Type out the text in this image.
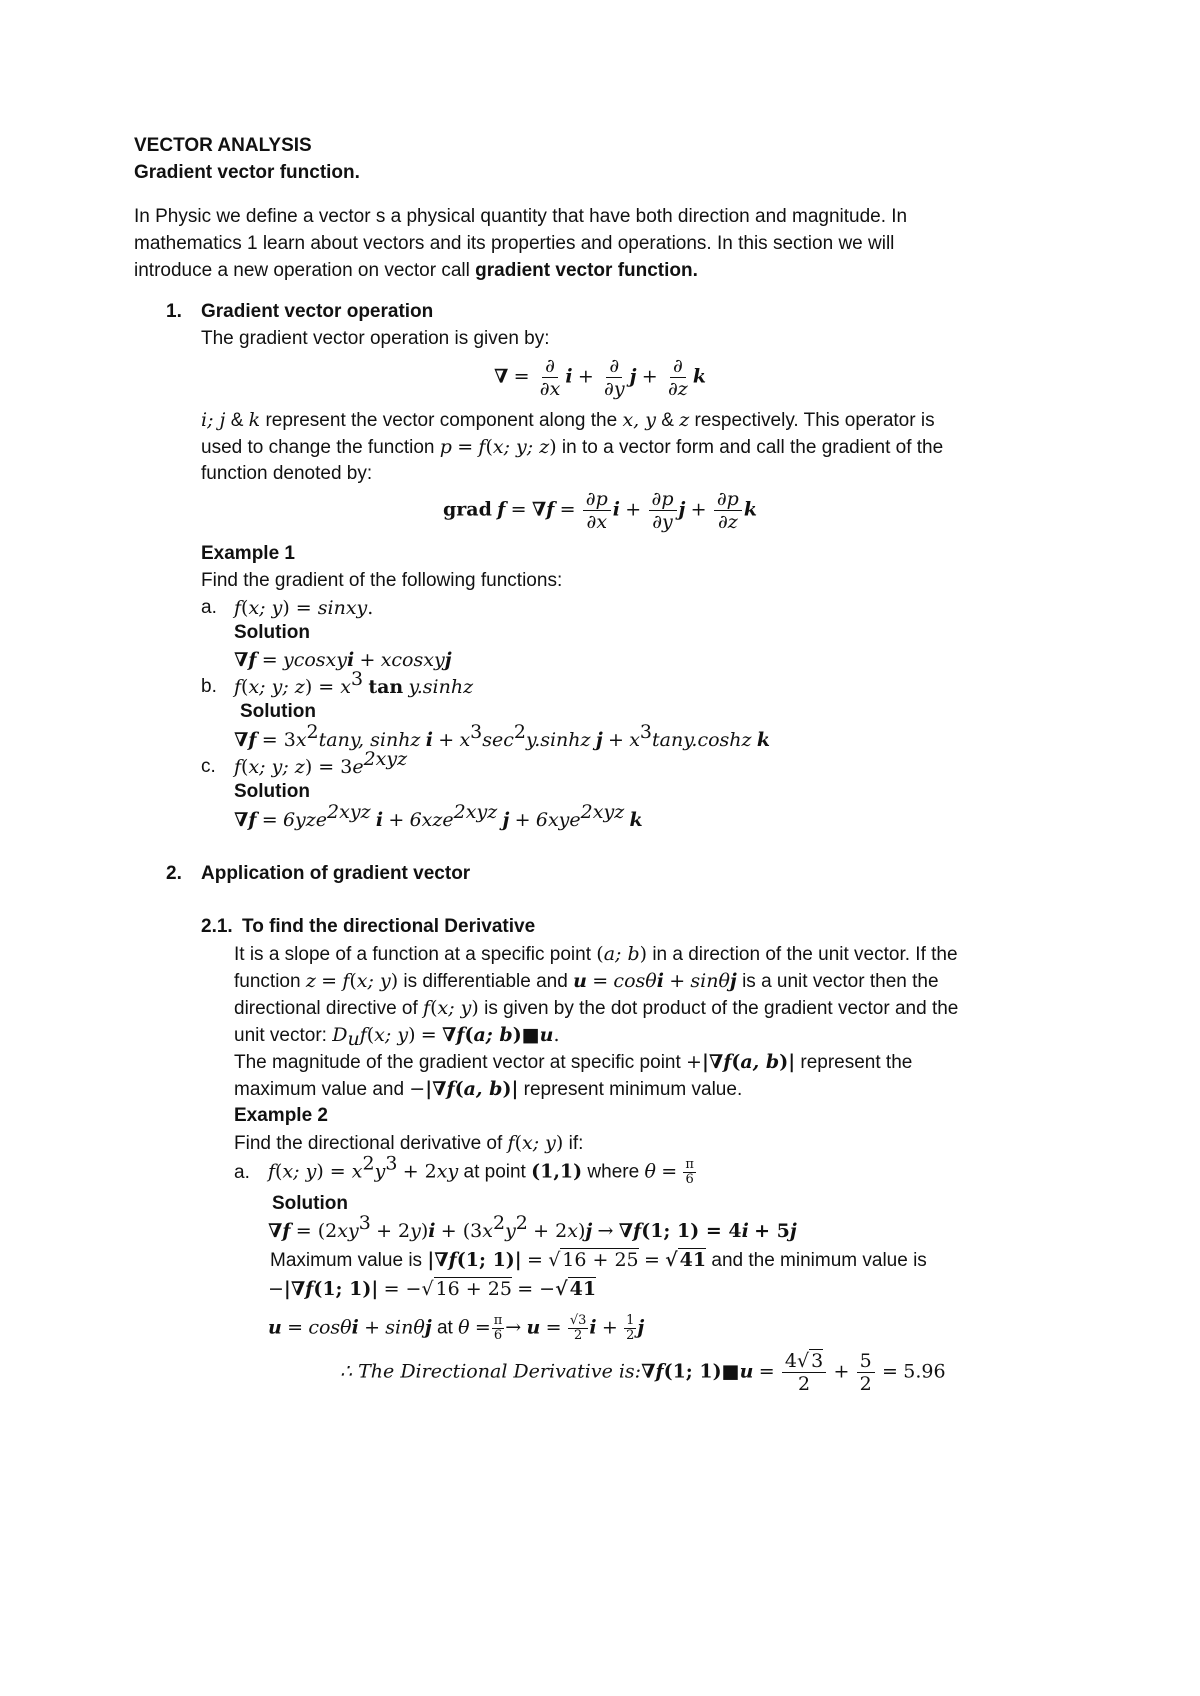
VECTOR ANALYSIS
Gradient vector function.
In Physic we define a vector s a physical quantity that have both direction and magnitude. In
mathematics 1 learn about vectors and its properties and operations. In this section we will
introduce a new operation on vector call gradient vector function.
1. Gradient vector operation
The gradient vector operation is given by:
∇ = $\frac{\partial}{\partial x}$ $i + \frac{\partial}{\partial y}$ $j + \frac{\partial}{\partial z}$ k
i; j & k represent the vector component along the x, y & z respectively. This operator is
used to change the function p = f(x; y; z) in to a vector form and call the gradient of the
function denoted by:
grad $f = \nabla f = \frac{\partial p}{\partial x}$ $i + \frac{\partial p}{\partial y}$ $j + \frac{\partial p}{\partial z}$ k
Example 1
Find the gradient of the following functions:
a. f(x; y) = sinxy.
Solution
∇f = ycosxyi + xcosxyj
b. f(x; y; $z) = x^3$ tan y.sinhz
Solution
$\nabla f = 3x^2\tan y$, sinhz $i + x^3\sec^2y.\sinh z$ $j + x^3\tan y.\cosh z$ k
c. f(x; y; $z) = 3e^{2xyz}$
Solution
∇f = 6yze$^{2xyz}$ i + 6xze$^{2xyz}$ j + 6xye$^{2xyz}$ k
2. Application of gradient vector
2.1. To find the directional Derivative
It is a slope of a function at a specific point (a; b) in a direction of the unit vector. If the
function z = f(x; y) is differentiable and u = cosθi + sinθj is a unit vector then the
directional directive of f(x; y) is given by the dot product of the gradient vector and the
unit vector: $D_uf(x$; y) = ∇f(a; b)■u.
The magnitude of the gradient vector at specific point +|∇f(a, b)| represent the
maximum value and −|∇f(a, b)| represent minimum value.
Example 2
Find the directional derivative of f(x; y) if:
a. f(x; $y) = x^2y^3 + 2xy$ at point (1,1) where $\theta = \frac{\pi}{6}$
Solution
$\nabla f = (2xy^3 + 2y)i + (3x^2y^2 + 2x)j \to \nabla f(1$; 1) = 4i + 5j
Maximum value is |∇f(1; 1)| = √ 16 + 25 = √ 41 and the minimum value is
−|∇f(1; 1)| = −√ 16 + 25 = −√ 41
u = cosθi + sinθj at $\theta = \frac{\pi}{6} \to u = \frac{√3}{2}$ $i + \frac{1}{2}$ j
∴ The Directional Derivative is:∇f(1; 1)■u = $\frac{4√ 3}{2} + \frac{5}{2} = 5.96$
